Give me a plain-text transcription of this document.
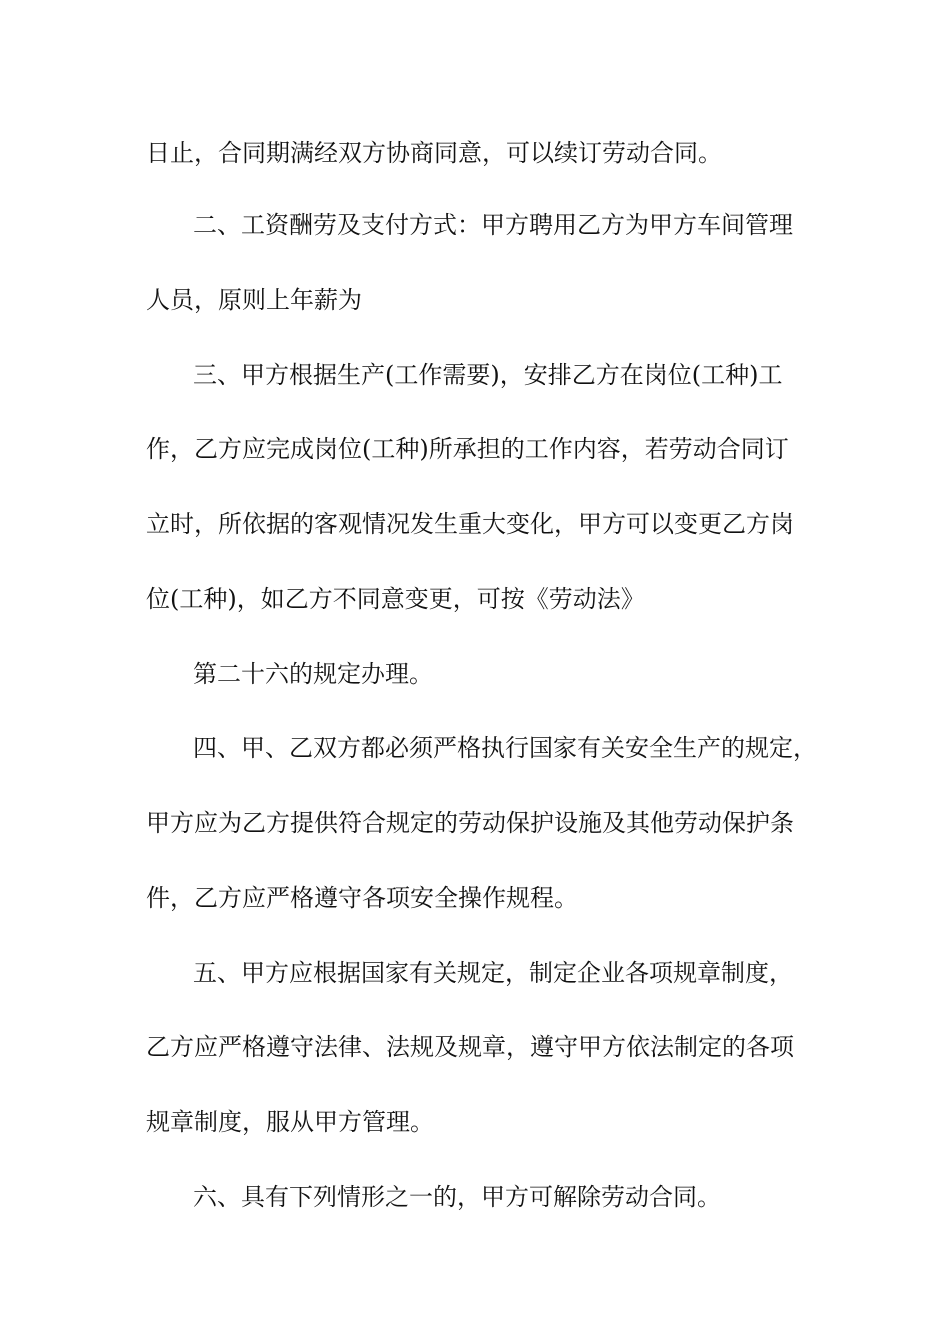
日止，合同期满经双方协商同意，可以续订劳动合同。
二、工资酬劳及支付方式：甲方聘用乙方为甲方车间管理
人员，原则上年薪为
三、甲方根据生产(工作需要)，安排乙方在岗位(工种)工
作，乙方应完成岗位(工种)所承担的工作内容，若劳动合同订
立时，所依据的客观情况发生重大变化，甲方可以变更乙方岗
位(工种)，如乙方不同意变更，可按《劳动法》
第二十六的规定办理。
四、甲、乙双方都必须严格执行国家有关安全生产的规定，
甲方应为乙方提供符合规定的劳动保护设施及其他劳动保护条
件，乙方应严格遵守各项安全操作规程。
五、甲方应根据国家有关规定，制定企业各项规章制度，
乙方应严格遵守法律、法规及规章，遵守甲方依法制定的各项
规章制度，服从甲方管理。
六、具有下列情形之一的，甲方可解除劳动合同。
